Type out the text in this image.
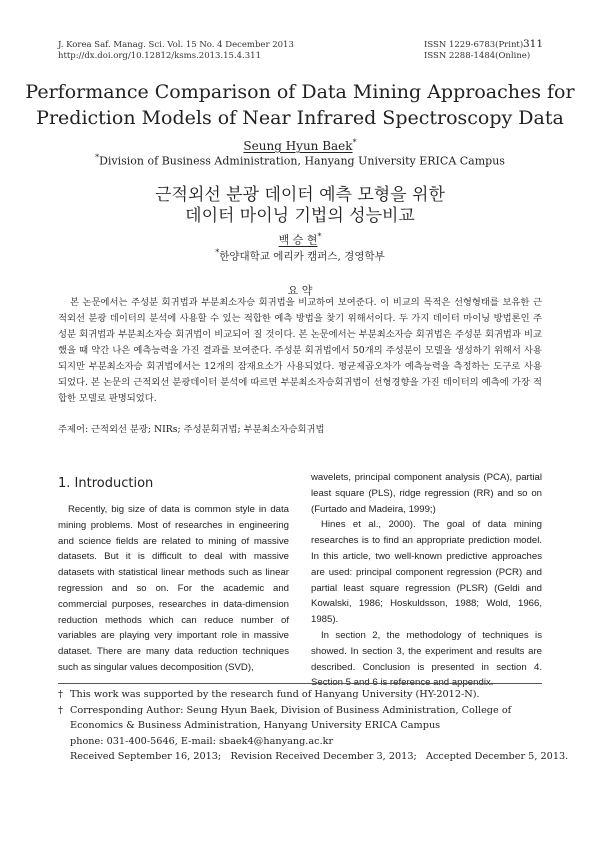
J. Korea Saf. Manag. Sci. Vol. 15 No. 4 December 2013
http://dx.doi.org/10.12812/ksms.2013.15.4.311
ISSN 1229-6783(Print)
ISSN 2288-1484(Online)
311
Performance Comparison of Data Mining Approaches for
Prediction Models of Near Infrared Spectroscopy Data
Seung Hyun Baek*
*Division of Business Administration, Hanyang University ERICA Campus
근적외선 분광 데이터 예측 모형을 위한
데이터 마이닝 기법의 성능비교
백 승 현*
*한양대학교 에리카 캠퍼스, 경영학부
요 약

본 논문에서는 주성분 회귀법과 부분최소자승 회귀법을 비교하여 보여준다. 이 비교의 목적은 선형형태를 보유한 근적외선 분광 데이터의 분석에 사용할 수 있는 적합한 예측 방법을 찾기 위해서이다. 두 가지 데이터 마이닝 방법론인 주성분 회귀법과 부분최소자승 회귀법이 비교되어 질 것이다. 본 논문에서는 부분최소자승 회귀법은 주성분 회귀법과 비교했을 때 약간 나은 예측능력을 가진 결과를 보여준다. 주성분 회귀법에서 50개의 주성분이 모델을 생성하기 위해서 사용되지만 부분최소자승 회귀법에서는 12개의 잠재요소가 사용되었다. 평균제곱오차가 예측능력을 측정하는 도구로 사용되었다. 본 논문의 근적외선 분광데이터 분석에 따르면 부분최소자승회귀법이 선형경향을 가진 데이터의 예측에 가장 적합한 모델로 판명되었다.

주제어: 근적외선 분광; NIRs; 주성분회귀법; 부분최소자승회귀법
1. Introduction

Recently, big size of data is common style in data mining problems. Most of researches in engineering and science fields are related to mining of massive datasets. But it is difficult to deal with massive datasets with statistical linear methods such as linear regression and so on. For the academic and commercial purposes, researches in data-dimension reduction methods which can reduce number of variables are playing very important role in massive dataset. There are many data reduction techniques such as singular values decomposition (SVD),

wavelets, principal component analysis (PCA), partial least square (PLS), ridge regression (RR) and so on (Furtado and Madeira, 1999;)

Hines et al., 2000). The goal of data mining researches is to find an appropriate prediction model. In this article, two well-known predictive approaches are used: principal component regression (PCR) and partial least square regression (PLSR) (Geldi and Kowalski, 1986; Hoskuldsson, 1988; Wold, 1966, 1985).

In section 2, the methodology of techniques is showed. In section 3, the experiment and results are described. Conclusion is presented in section 4. Section 5 and 6 is reference and appendix.

† This work was supported by the research fund of Hanyang University (HY-2012-N).
† Corresponding Author: Seung Hyun Baek, Division of Business Administration, College of
Economics & Business Administration, Hanyang University ERICA Campus
phone: 031-400-5646, E-mail: sbaek4@hanyang.ac.kr
Received September 16, 2013;   Revision Received December 3, 2013;   Accepted December 5, 2013.
